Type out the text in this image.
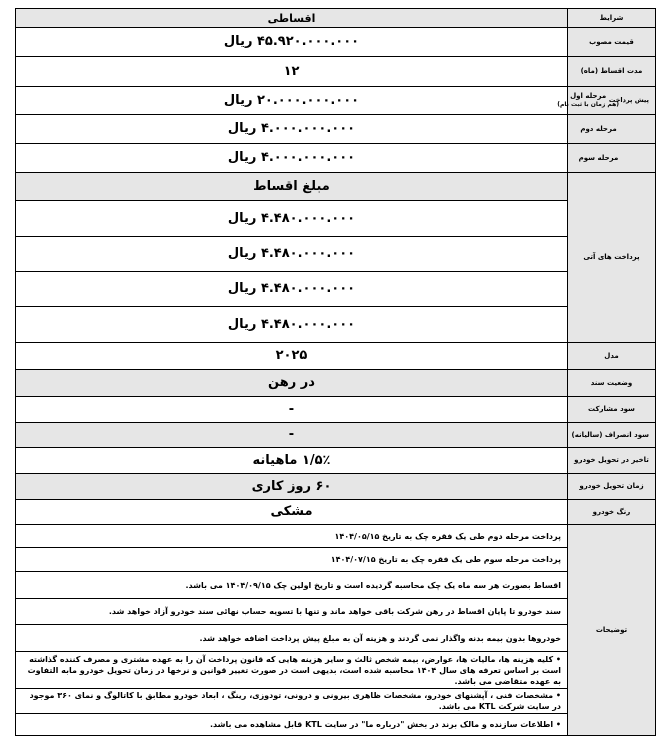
شرایط	اقساطی
قیمت مصوب	۴۵.۹۲۰.۰۰۰.۰۰۰ ریال
مدت اقساط (ماه)	۱۲

پیش پرداخت
مرحله اول
(هم زمان با ثبت نام)	۲۰.۰۰۰.۰۰۰.۰۰۰ ریال
مرحله دوم	۴.۰۰۰.۰۰۰.۰۰۰ ریال
مرحله سوم	۴.۰۰۰.۰۰۰.۰۰۰ ریال
پرداخت های آتی	مبلغ اقساط
	۴.۴۸۰.۰۰۰.۰۰۰ ریال
	۴.۴۸۰.۰۰۰.۰۰۰ ریال
	۴.۴۸۰.۰۰۰.۰۰۰ ریال
	۴.۴۸۰.۰۰۰.۰۰۰ ریال
مدل	۲۰۲۵
وضعیت سند	در رهن
سود مشارکت	-
سود انصراف (سالیانه)	-
تاخیر در تحویل خودرو	۱/۵٪ ماهیانه
زمان تحویل خودرو	۶۰ روز کاری
رنگ خودرو	مشکی
توضیحات	پرداخت مرحله دوم طی یک فقره چک به تاریخ ۱۴۰۴/۰۵/۱۵
	پرداخت مرحله سوم طی یک فقره چک به تاریخ ۱۴۰۴/۰۷/۱۵
	اقساط بصورت هر سه ماه یک چک محاسبه گردیده است و تاریخ اولین چک ۱۴۰۴/۰۹/۱۵ می باشد.
	سند خودرو تا پایان اقساط در رهن شرکت باقی خواهد ماند و تنها با تسویه حساب نهائی سند خودرو آزاد خواهد شد.
	خودروها بدون بیمه بدنه واگذار نمی گردند و هزینه آن به مبلغ پیش پرداخت اضافه خواهد شد.
	• کلیه هزینه ها، مالیات ها، عوارض، بیمه شخص ثالث و سایر هزینه هایی که قانون پرداخت آن را به عهده مشتری و مصرف کننده گذاشته است بر اساس تعرفه های سال ۱۴۰۴ محاسبه شده است، بدیهی است در صورت تغییر قوانین و نرخها در زمان تحویل خودرو مابه التفاوت به عهده متقاضی می باشد.
	• مشخصات فنی ، آپشنهای خودرو، مشخصات ظاهری بیرونی و درونی، تودوزی، رینگ ، ابعاد خودرو مطابق با کاتالوگ و نمای ۳۶۰ موجود در سایت شرکت KTL می باشد.
	• اطلاعات سازنده و مالک برند در بخش "درباره ما" در سایت KTL قابل مشاهده می باشد.
